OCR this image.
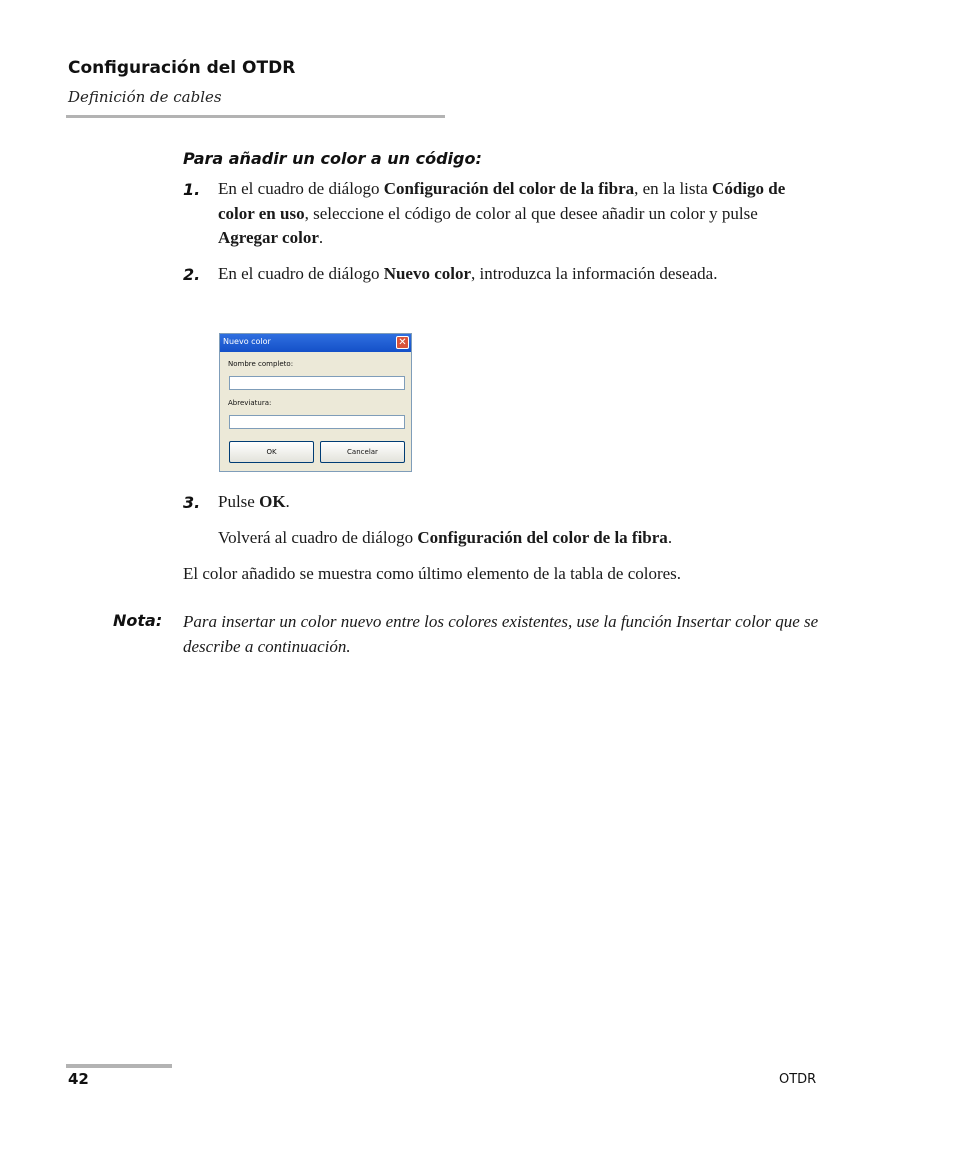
Configuración del OTDR
Definición de cables
Para añadir un color a un código:
1. En el cuadro de diálogo Configuración del color de la fibra, en la lista Código de color en uso, seleccione el código de color al que desee añadir un color y pulse Agregar color.
2. En el cuadro de diálogo Nuevo color, introduzca la información deseada.
Nuevo color	✕
Nombre completo:
Abreviatura:
OK	Cancelar
3. Pulse OK.
Volverá al cuadro de diálogo Configuración del color de la fibra.
El color añadido se muestra como último elemento de la tabla de colores.
Nota: Para insertar un color nuevo entre los colores existentes, use la función Insertar color que se describe a continuación.
42	OTDR
